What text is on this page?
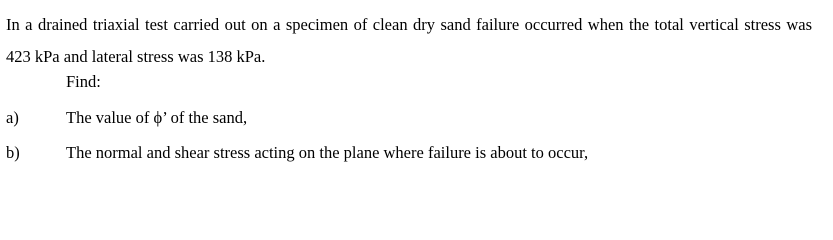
In a drained triaxial test carried out on a specimen of clean dry sand failure occurred when the total vertical stress was 423 kPa and lateral stress was 138 kPa.
Find:
a)	The value of ϕ’ of the sand,
b)	The normal and shear stress acting on the plane where failure is about to occur,
